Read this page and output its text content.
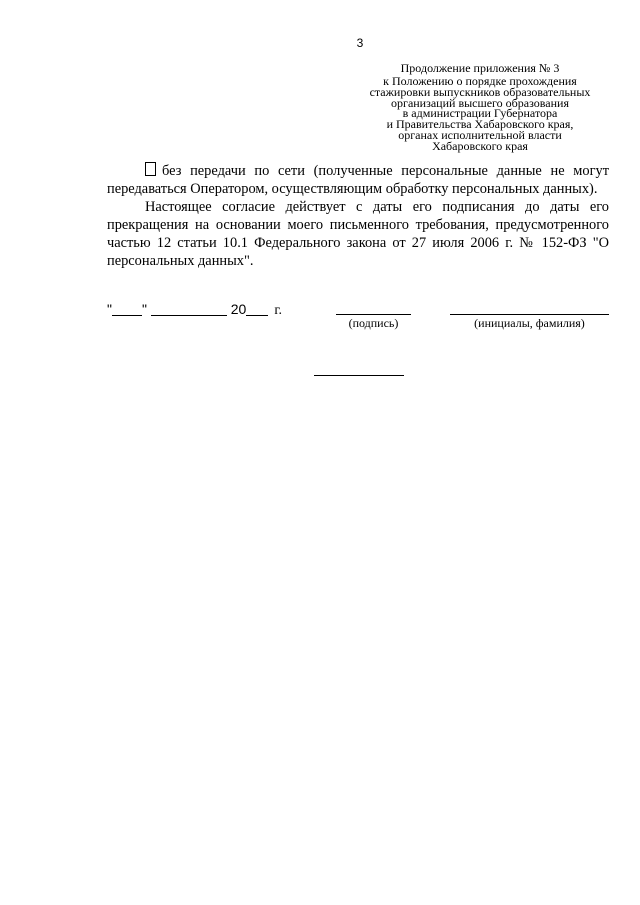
3
Продолжение приложения № 3
к Положению о порядке прохождения
стажировки выпускников образовательных
организаций высшего образования
в администрации Губернатора
и Правительства Хабаровского края,
органах исполнительной власти
Хабаровского края
без передачи по сети (полученные персональные данные не могут передаваться Оператором, осуществляющим обработку персональных данных).
Настоящее согласие действует с даты его подписания до даты его прекращения на основании моего письменного требования, предусмотренного частью 12 статьи 10.1 Федерального закона от 27 июля 2006 г. № 152-ФЗ "О персональных данных".
" "	20 г.
(подпись)	(инициалы, фамилия)
